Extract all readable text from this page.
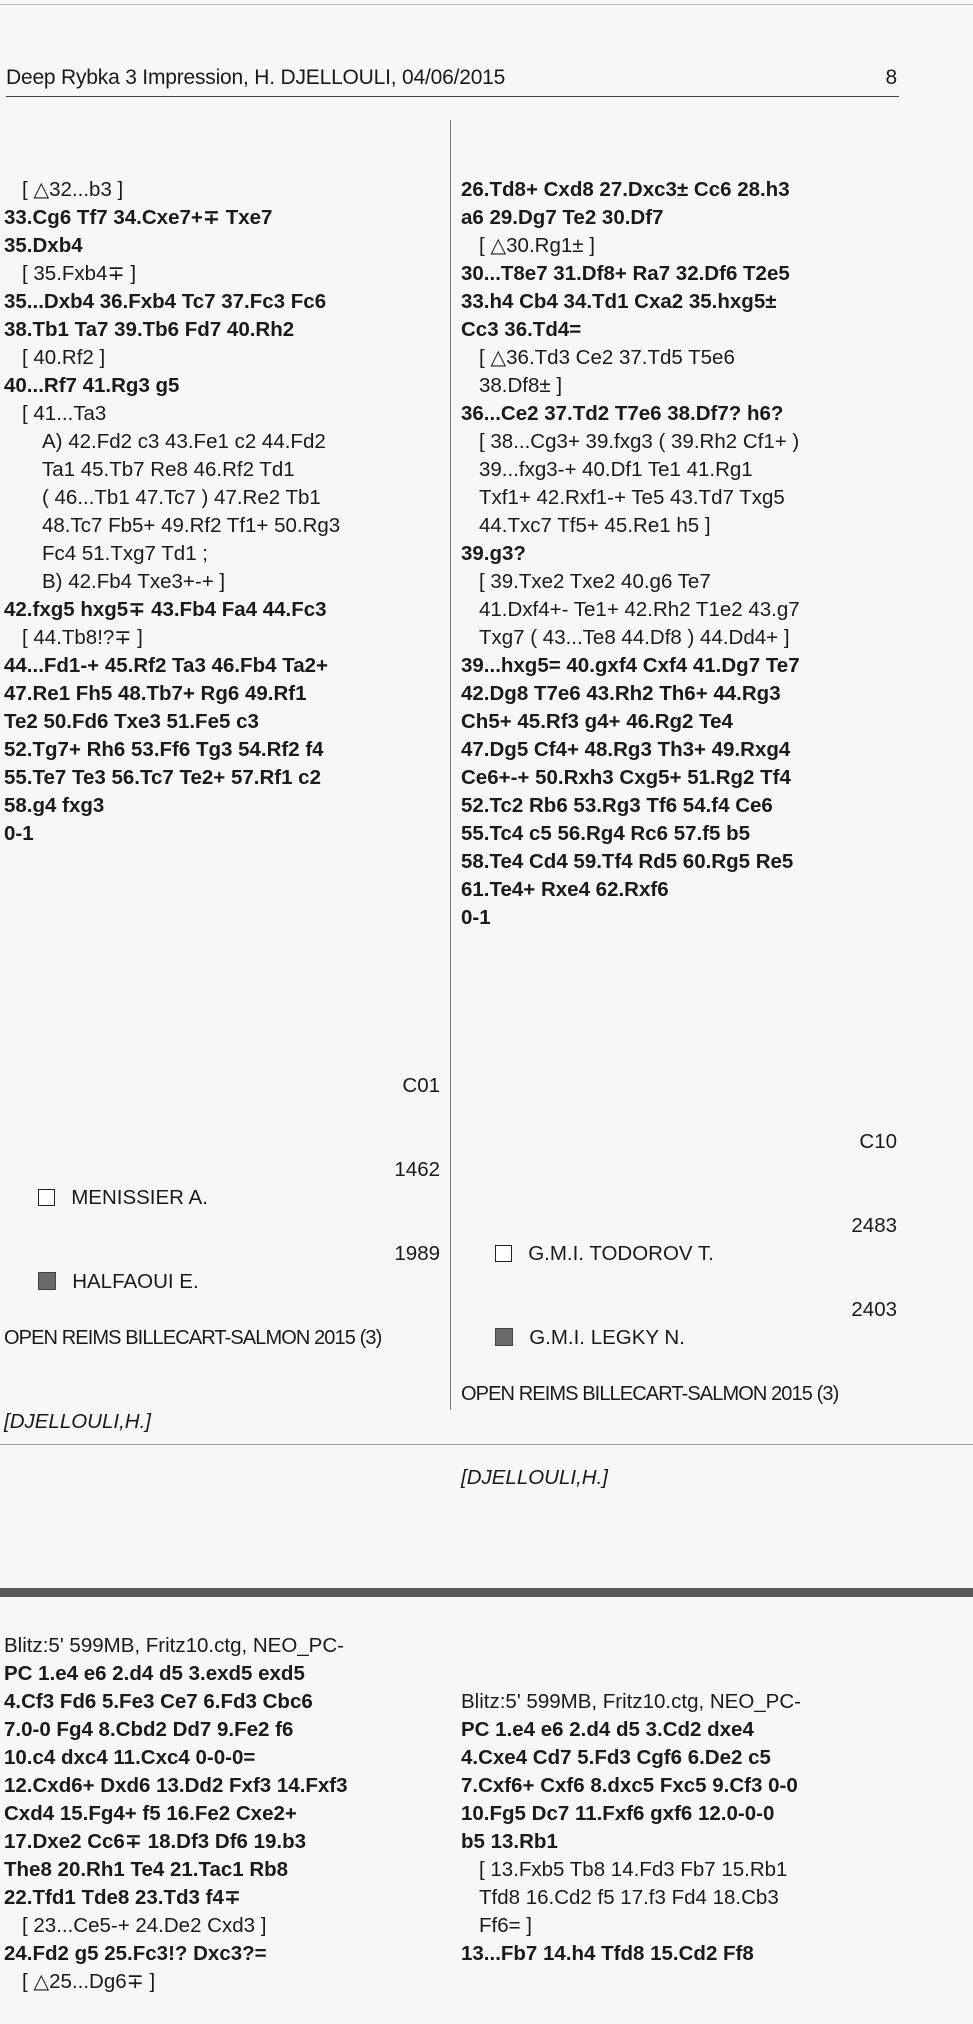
Deep Rybka 3 Impression, H. DJELLOULI, 04/06/2015	8

[ △32...b3 ]
33.Cg6 Tf7 34.Cxe7+∓ Txe7
35.Dxb4
[ 35.Fxb4∓ ]
35...Dxb4 36.Fxb4 Tc7 37.Fc3 Fc6
38.Tb1 Ta7 39.Tb6 Fd7 40.Rh2
[ 40.Rf2 ]
40...Rf7 41.Rg3 g5
[ 41...Ta3
A) 42.Fd2 c3 43.Fe1 c2 44.Fd2
Ta1 45.Tb7 Re8 46.Rf2 Td1
( 46...Tb1 47.Tc7 ) 47.Re2 Tb1
48.Tc7 Fb5+ 49.Rf2 Tf1+ 50.Rg3
Fc4 51.Txg7 Td1 ;
B) 42.Fb4 Txe3+-+ ]
42.fxg5 hxg5∓ 43.Fb4 Fa4 44.Fc3
[ 44.Tb8!?∓ ]
44...Fd1-+ 45.Rf2 Ta3 46.Fb4 Ta2+
47.Re1 Fh5 48.Tb7+ Rg6 49.Rf1
Te2 50.Fd6 Txe3 51.Fe5 c3
52.Tg7+ Rh6 53.Ff6 Tg3 54.Rf2 f4
55.Te7 Te3 56.Tc7 Te2+ 57.Rf1 c2
58.g4 fxg3
0-1

C01

MENISSIER A.

1462

HALFAOUI E.

1989

OPEN REIMS BILLECART-SALMON 2015 (3)

[DJELLOULI,H.]

Blitz:5' 599MB, Fritz10.ctg, NEO_PC-
PC 1.e4 e6 2.d4 d5 3.exd5 exd5
4.Cf3 Fd6 5.Fe3 Ce7 6.Fd3 Cbc6
7.0-0 Fg4 8.Cbd2 Dd7 9.Fe2 f6
10.c4 dxc4 11.Cxc4 0-0-0=
12.Cxd6+ Dxd6 13.Dd2 Fxf3 14.Fxf3
Cxd4 15.Fg4+ f5 16.Fe2 Cxe2+
17.Dxe2 Cc6∓ 18.Df3 Df6 19.b3
The8 20.Rh1 Te4 21.Tac1 Rb8
22.Tfd1 Tde8 23.Td3 f4∓
[ 23...Ce5-+ 24.De2 Cxd3 ]
24.Fd2 g5 25.Fc3!? Dxc3?=
[ △25...Dg6∓ ]

26.Td8+ Cxd8 27.Dxc3± Cc6 28.h3
a6 29.Dg7 Te2 30.Df7
[ △30.Rg1± ]
30...T8e7 31.Df8+ Ra7 32.Df6 T2e5
33.h4 Cb4 34.Td1 Cxa2 35.hxg5±
Cc3 36.Td4=
[ △36.Td3 Ce2 37.Td5 T5e6
38.Df8± ]
36...Ce2 37.Td2 T7e6 38.Df7? h6?
[ 38...Cg3+ 39.fxg3 ( 39.Rh2 Cf1+ )
39...fxg3-+ 40.Df1 Te1 41.Rg1
Txf1+ 42.Rxf1-+ Te5 43.Td7 Txg5
44.Txc7 Tf5+ 45.Re1 h5 ]
39.g3?
[ 39.Txe2 Txe2 40.g6 Te7
41.Dxf4+- Te1+ 42.Rh2 T1e2 43.g7
Txg7 ( 43...Te8 44.Df8 ) 44.Dd4+ ]
39...hxg5= 40.gxf4 Cxf4 41.Dg7 Te7
42.Dg8 T7e6 43.Rh2 Th6+ 44.Rg3
Ch5+ 45.Rf3 g4+ 46.Rg2 Te4
47.Dg5 Cf4+ 48.Rg3 Th3+ 49.Rxg4
Ce6+-+ 50.Rxh3 Cxg5+ 51.Rg2 Tf4
52.Tc2 Rb6 53.Rg3 Tf6 54.f4 Ce6
55.Tc4 c5 56.Rg4 Rc6 57.f5 b5
58.Te4 Cd4 59.Tf4 Rd5 60.Rg5 Re5
61.Te4+ Rxe4 62.Rxf6
0-1

C10

G.M.I. TODOROV T.

2483

G.M.I. LEGKY N.

2403

OPEN REIMS BILLECART-SALMON 2015 (3)

[DJELLOULI,H.]

Blitz:5' 599MB, Fritz10.ctg, NEO_PC-
PC 1.e4 e6 2.d4 d5 3.Cd2 dxe4
4.Cxe4 Cd7 5.Fd3 Cgf6 6.De2 c5
7.Cxf6+ Cxf6 8.dxc5 Fxc5 9.Cf3 0-0
10.Fg5 Dc7 11.Fxf6 gxf6 12.0-0-0
b5 13.Rb1
[ 13.Fxb5 Tb8 14.Fd3 Fb7 15.Rb1
Tfd8 16.Cd2 f5 17.f3 Fd4 18.Cb3
Ff6= ]
13...Fb7 14.h4 Tfd8 15.Cd2 Ff8
